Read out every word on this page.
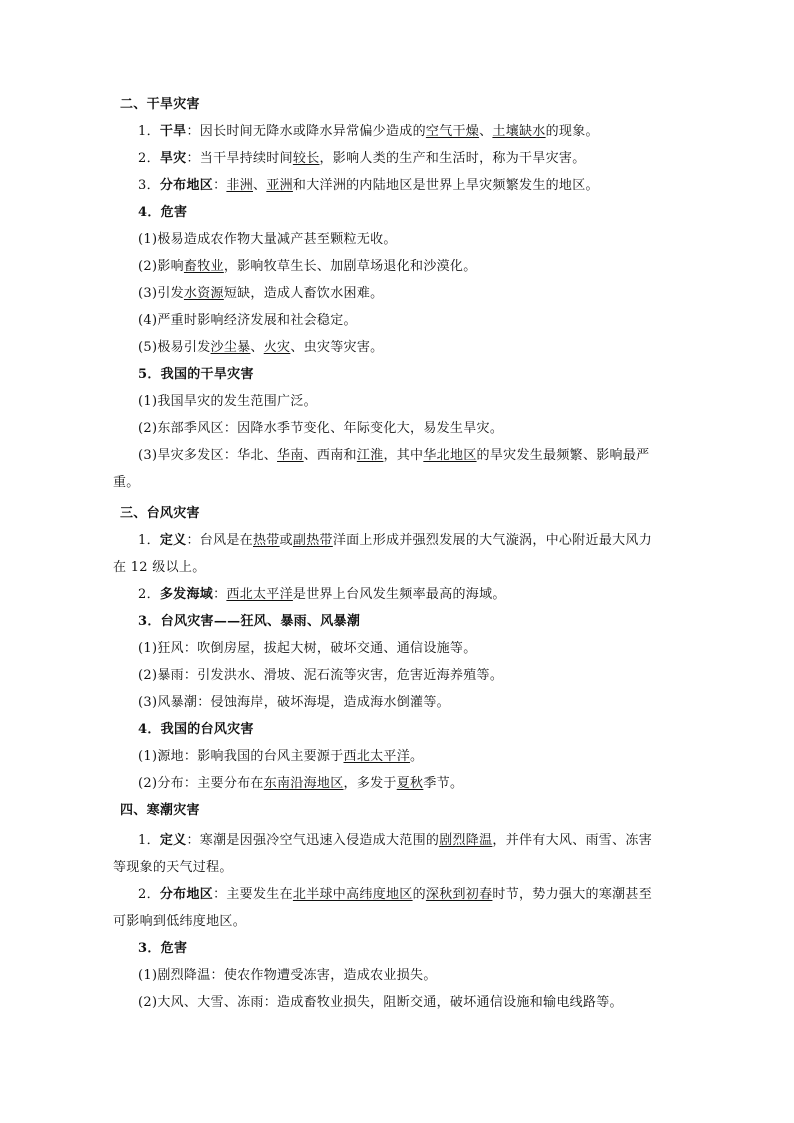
二、干旱灾害
1．干旱：因长时间无降水或降水异常偏少造成的空气干燥、土壤缺水的现象。
2．旱灾：当干旱持续时间较长，影响人类的生产和生活时，称为干旱灾害。
3．分布地区：非洲、亚洲和大洋洲的内陆地区是世界上旱灾频繁发生的地区。
4．危害
(1)极易造成农作物大量减产甚至颗粒无收。
(2)影响畜牧业，影响牧草生长、加剧草场退化和沙漠化。
(3)引发水资源短缺，造成人畜饮水困难。
(4)严重时影响经济发展和社会稳定。
(5)极易引发沙尘暴、火灾、虫灾等灾害。
5．我国的干旱灾害
(1)我国旱灾的发生范围广泛。
(2)东部季风区：因降水季节变化、年际变化大，易发生旱灾。
(3)旱灾多发区：华北、华南、西南和江淮，其中华北地区的旱灾发生最频繁、影响最严
重。
三、台风灾害
1．定义：台风是在热带或副热带洋面上形成并强烈发展的大气漩涡，中心附近最大风力
在 12 级以上。
2．多发海域：西北太平洋是世界上台风发生频率最高的海域。
3．台风灾害——狂风、暴雨、风暴潮
(1)狂风：吹倒房屋，拔起大树，破坏交通、通信设施等。
(2)暴雨：引发洪水、滑坡、泥石流等灾害，危害近海养殖等。
(3)风暴潮：侵蚀海岸，破坏海堤，造成海水倒灌等。
4．我国的台风灾害
(1)源地：影响我国的台风主要源于西北太平洋。
(2)分布：主要分布在东南沿海地区，多发于夏秋季节。
四、寒潮灾害
1．定义：寒潮是因强冷空气迅速入侵造成大范围的剧烈降温，并伴有大风、雨雪、冻害
等现象的天气过程。
2．分布地区：主要发生在北半球中高纬度地区的深秋到初春时节，势力强大的寒潮甚至
可影响到低纬度地区。
3．危害
(1)剧烈降温：使农作物遭受冻害，造成农业损失。
(2)大风、大雪、冻雨：造成畜牧业损失，阻断交通，破坏通信设施和输电线路等。
